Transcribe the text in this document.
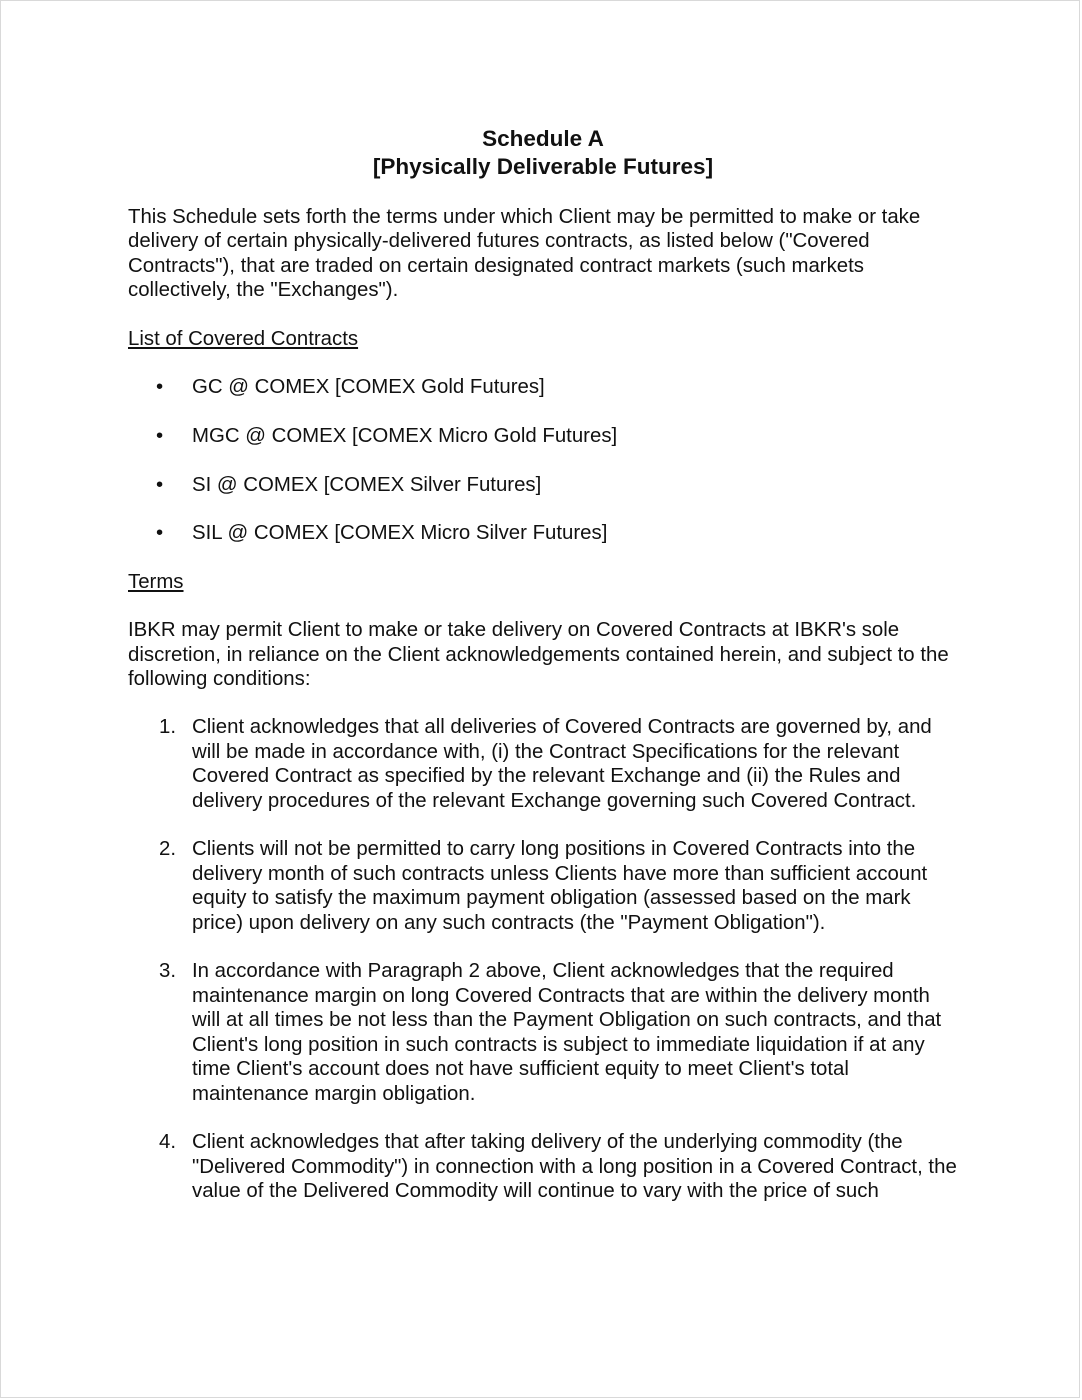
Schedule A
[Physically Deliverable Futures]

This Schedule sets forth the terms under which Client may be permitted to make or take delivery of certain physically-delivered futures contracts, as listed below ("Covered Contracts"), that are traded on certain designated contract markets (such markets collectively, the "Exchanges").

List of Covered Contracts

• GC @ COMEX [COMEX Gold Futures]
• MGC @ COMEX [COMEX Micro Gold Futures]
• SI @ COMEX [COMEX Silver Futures]
• SIL @ COMEX [COMEX Micro Silver Futures]

Terms

IBKR may permit Client to make or take delivery on Covered Contracts at IBKR's sole discretion, in reliance on the Client acknowledgements contained herein, and subject to the following conditions:

1. Client acknowledges that all deliveries of Covered Contracts are governed by, and will be made in accordance with, (i) the Contract Specifications for the relevant Covered Contract as specified by the relevant Exchange and (ii) the Rules and delivery procedures of the relevant Exchange governing such Covered Contract.
2. Clients will not be permitted to carry long positions in Covered Contracts into the delivery month of such contracts unless Clients have more than sufficient account equity to satisfy the maximum payment obligation (assessed based on the mark price) upon delivery on any such contracts (the "Payment Obligation").
3. In accordance with Paragraph 2 above, Client acknowledges that the required maintenance margin on long Covered Contracts that are within the delivery month will at all times be not less than the Payment Obligation on such contracts, and that Client's long position in such contracts is subject to immediate liquidation if at any time Client's account does not have sufficient equity to meet Client's total maintenance margin obligation.
4. Client acknowledges that after taking delivery of the underlying commodity (the "Delivered Commodity") in connection with a long position in a Covered Contract, the value of the Delivered Commodity will continue to vary with the price of such
